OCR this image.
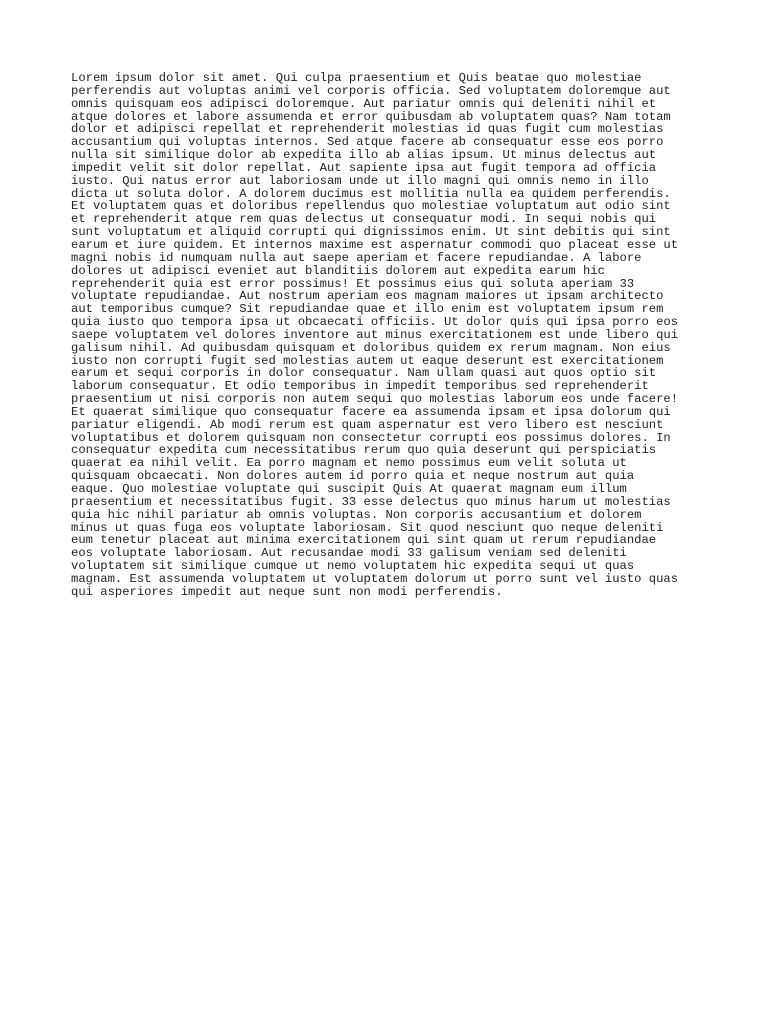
Lorem ipsum dolor sit amet. Qui culpa praesentium et Quis beatae quo molestiae
perferendis aut voluptas animi vel corporis officia. Sed voluptatem doloremque aut
omnis quisquam eos adipisci doloremque. Aut pariatur omnis qui deleniti nihil et
atque dolores et labore assumenda et error quibusdam ab voluptatem quas? Nam totam
dolor et adipisci repellat et reprehenderit molestias id quas fugit cum molestias
accusantium qui voluptas internos. Sed atque facere ab consequatur esse eos porro
nulla sit similique dolor ab expedita illo ab alias ipsum. Ut minus delectus aut
impedit velit sit dolor repellat. Aut sapiente ipsa aut fugit tempora ad officia
iusto. Qui natus error aut laboriosam unde ut illo magni qui omnis nemo in illo
dicta ut soluta dolor. A dolorem ducimus est mollitia nulla ea quidem perferendis.
Et voluptatem quas et doloribus repellendus quo molestiae voluptatum aut odio sint
et reprehenderit atque rem quas delectus ut consequatur modi. In sequi nobis qui
sunt voluptatum et aliquid corrupti qui dignissimos enim. Ut sint debitis qui sint
earum et iure quidem. Et internos maxime est aspernatur commodi quo placeat esse ut
magni nobis id numquam nulla aut saepe aperiam et facere repudiandae. A labore
dolores ut adipisci eveniet aut blanditiis dolorem aut expedita earum hic
reprehenderit quia est error possimus! Et possimus eius qui soluta aperiam 33
voluptate repudiandae. Aut nostrum aperiam eos magnam maiores ut ipsam architecto
aut temporibus cumque? Sit repudiandae quae et illo enim est voluptatem ipsum rem
quia iusto quo tempora ipsa ut obcaecati officiis. Ut dolor quis qui ipsa porro eos
saepe voluptatem vel dolores inventore aut minus exercitationem est unde libero qui
galisum nihil. Ad quibusdam quisquam et doloribus quidem ex rerum magnam. Non eius
iusto non corrupti fugit sed molestias autem ut eaque deserunt est exercitationem
earum et sequi corporis in dolor consequatur. Nam ullam quasi aut quos optio sit
laborum consequatur. Et odio temporibus in impedit temporibus sed reprehenderit
praesentium ut nisi corporis non autem sequi quo molestias laborum eos unde facere!
Et quaerat similique quo consequatur facere ea assumenda ipsam et ipsa dolorum qui
pariatur eligendi. Ab modi rerum est quam aspernatur est vero libero est nesciunt
voluptatibus et dolorem quisquam non consectetur corrupti eos possimus dolores. In
consequatur expedita cum necessitatibus rerum quo quia deserunt qui perspiciatis
quaerat ea nihil velit. Ea porro magnam et nemo possimus eum velit soluta ut
quisquam obcaecati. Non dolores autem id porro quia et neque nostrum aut quia
eaque. Quo molestiae voluptate qui suscipit Quis At quaerat magnam eum illum
praesentium et necessitatibus fugit. 33 esse delectus quo minus harum ut molestias
quia hic nihil pariatur ab omnis voluptas. Non corporis accusantium et dolorem
minus ut quas fuga eos voluptate laboriosam. Sit quod nesciunt quo neque deleniti
eum tenetur placeat aut minima exercitationem qui sint quam ut rerum repudiandae
eos voluptate laboriosam. Aut recusandae modi 33 galisum veniam sed deleniti
voluptatem sit similique cumque ut nemo voluptatem hic expedita sequi ut quas
magnam. Est assumenda voluptatem ut voluptatem dolorum ut porro sunt vel iusto quas
qui asperiores impedit aut neque sunt non modi perferendis.
